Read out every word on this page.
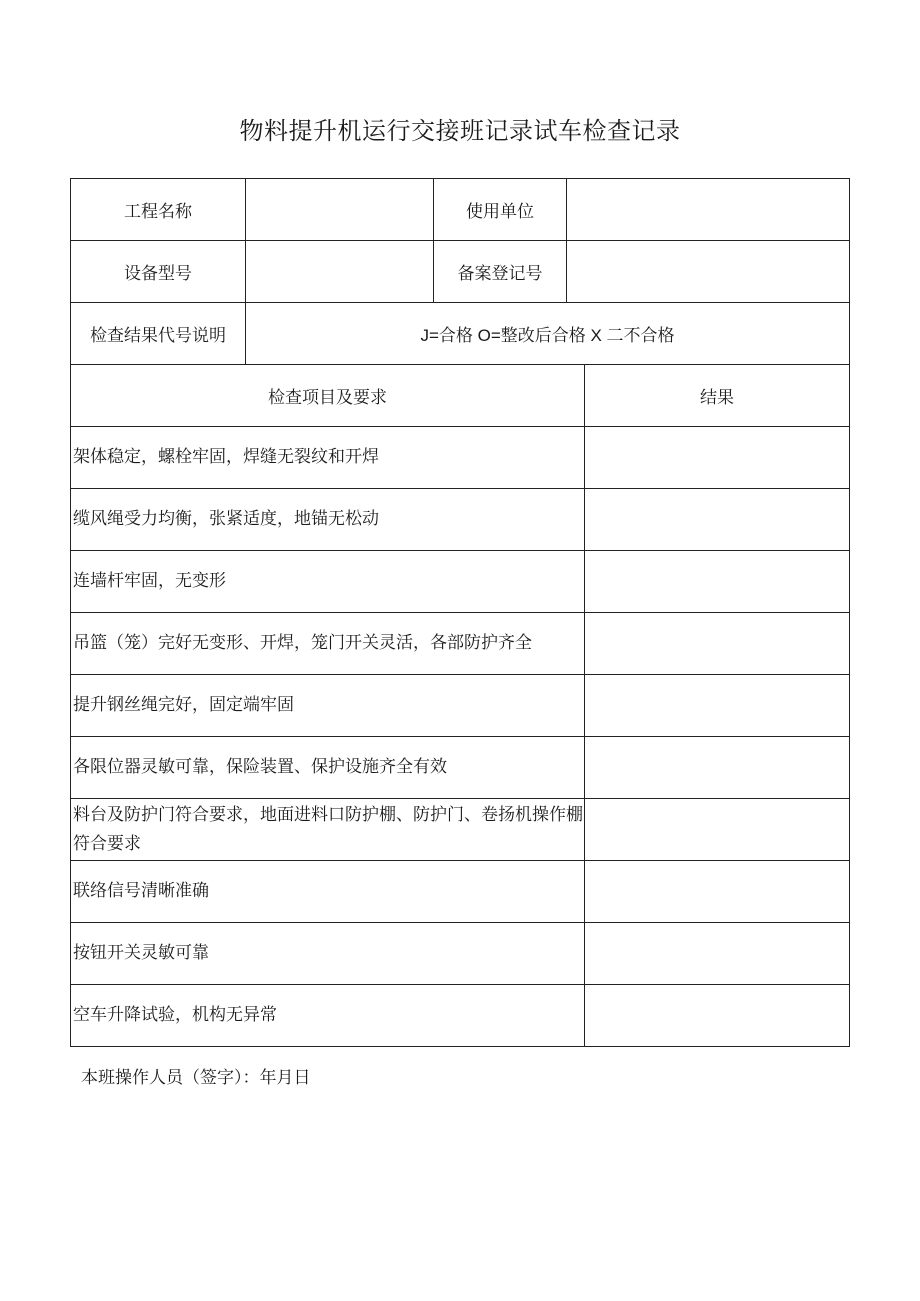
物料提升机运行交接班记录试车检查记录
工程名称		使用单位		
设备型号		备案登记号		
检查结果代号说明	J=合格 O=整改后合格 X 二不合格			
检查项目及要求				结果
架体稳定，螺栓牢固，焊缝无裂纹和开焊				
缆风绳受力均衡，张紧适度，地锚无松动				
连墙杆牢固，无变形				
吊篮（笼）完好无变形、开焊，笼门开关灵活，各部防护齐全				
提升钢丝绳完好，固定端牢固				
各限位器灵敏可靠，保险装置、保护设施齐全有效				
料台及防护门符合要求，地面进料口防护棚、防护门、卷扬机操作棚符合要求				
联络信号清晰准确				
按钮开关灵敏可靠				
空车升降试验，机构无异常				
本班操作人员（签字）：年月日
